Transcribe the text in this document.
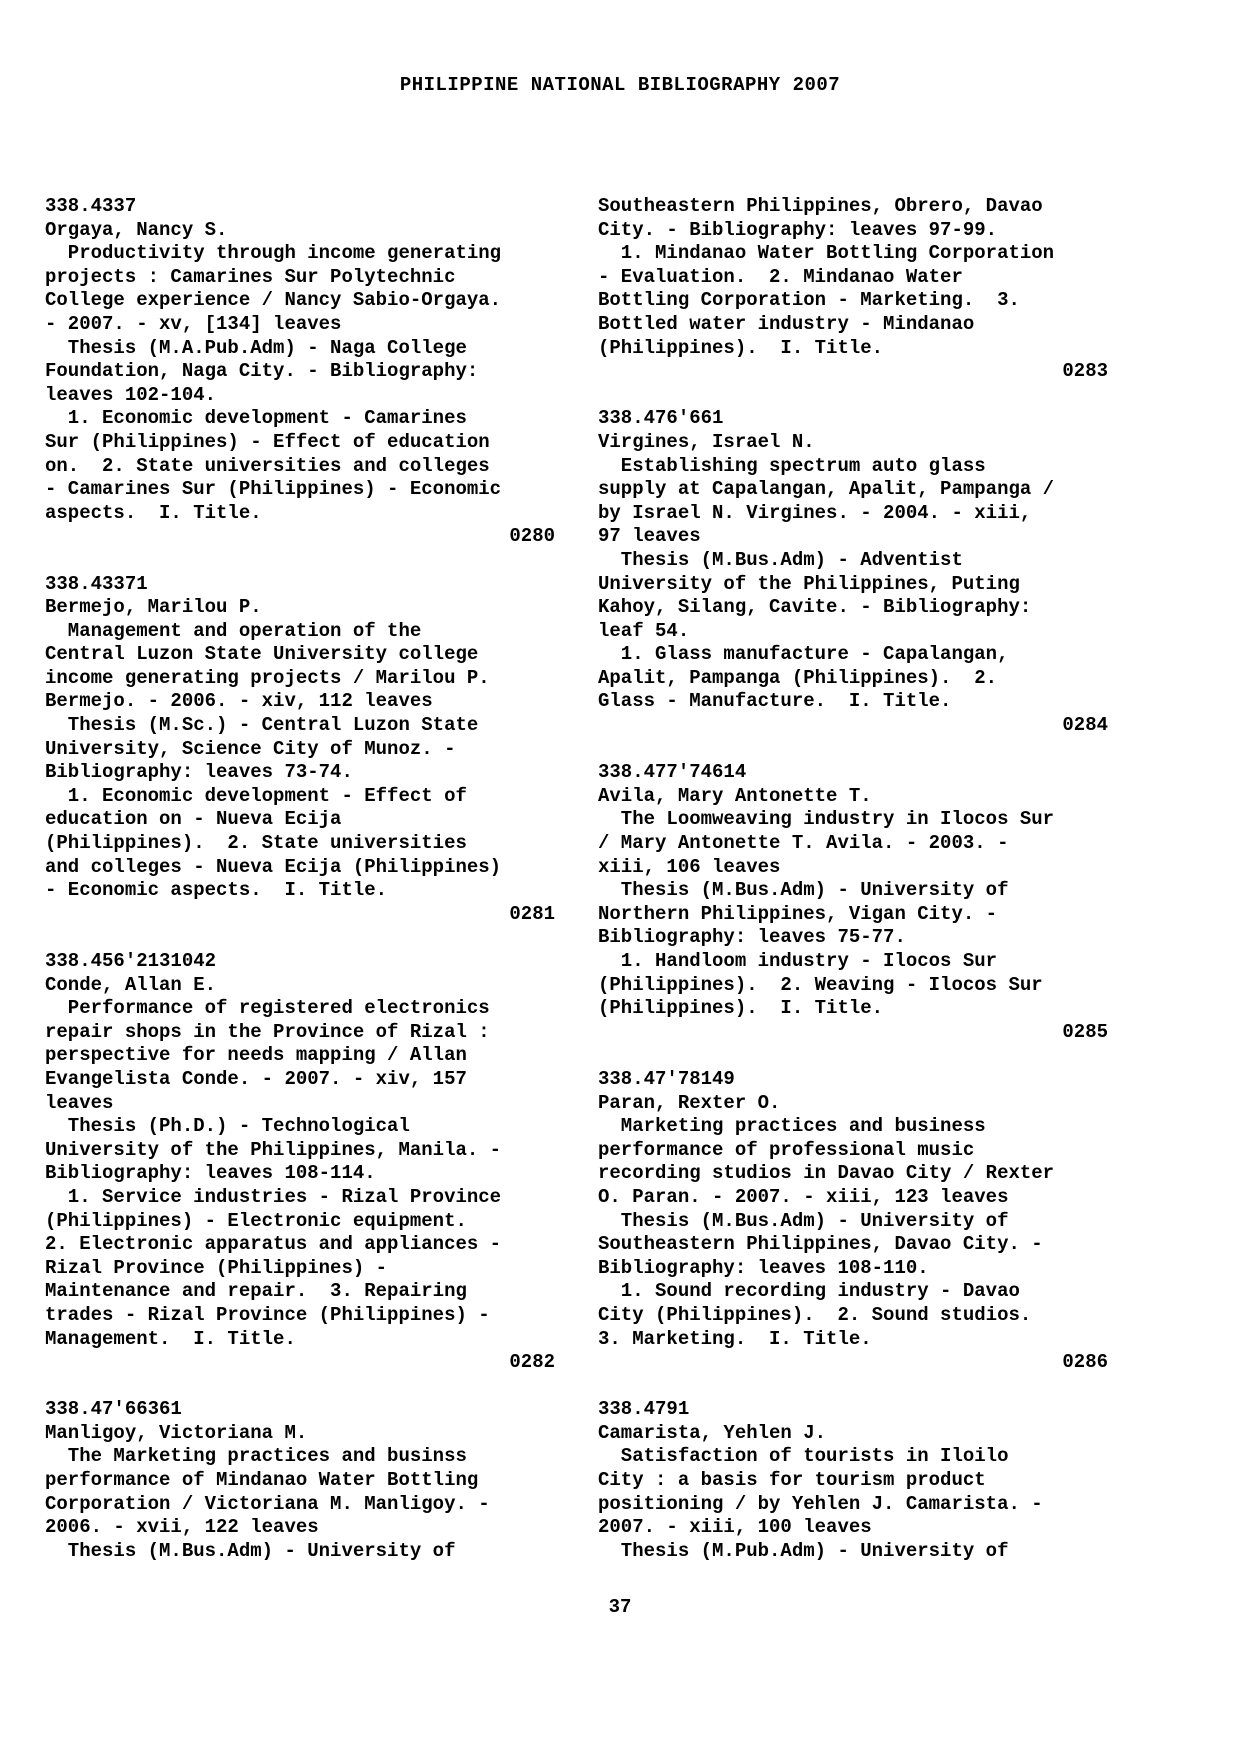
PHILIPPINE NATIONAL BIBLIOGRAPHY 2007
338.4337
Orgaya, Nancy S.
Productivity through income generating
projects : Camarines Sur Polytechnic
College experience / Nancy Sabio-Orgaya.
- 2007. - xv, [134] leaves
Thesis (M.A.Pub.Adm) - Naga College
Foundation, Naga City. - Bibliography:
leaves 102-104.
1. Economic development - Camarines
Sur (Philippines) - Effect of education
on.  2. State universities and colleges
- Camarines Sur (Philippines) - Economic
aspects.  I. Title.
0280
338.43371
Bermejo, Marilou P.
Management and operation of the
Central Luzon State University college
income generating projects / Marilou P.
Bermejo. - 2006. - xiv, 112 leaves
Thesis (M.Sc.) - Central Luzon State
University, Science City of Munoz. -
Bibliography: leaves 73-74.
1. Economic development - Effect of
education on - Nueva Ecija
(Philippines).  2. State universities
and colleges - Nueva Ecija (Philippines)
- Economic aspects.  I. Title.
0281
338.456'2131042
Conde, Allan E.
Performance of registered electronics
repair shops in the Province of Rizal :
perspective for needs mapping / Allan
Evangelista Conde. - 2007. - xiv, 157
leaves
Thesis (Ph.D.) - Technological
University of the Philippines, Manila. -
Bibliography: leaves 108-114.
1. Service industries - Rizal Province
(Philippines) - Electronic equipment.
2. Electronic apparatus and appliances -
Rizal Province (Philippines) -
Maintenance and repair.  3. Repairing
trades - Rizal Province (Philippines) -
Management.  I. Title.
0282
338.47'66361
Manligoy, Victoriana M.
The Marketing practices and businss
performance of Mindanao Water Bottling
Corporation / Victoriana M. Manligoy. -
2006. - xvii, 122 leaves
Thesis (M.Bus.Adm) - University of
Southeastern Philippines, Obrero, Davao
City. - Bibliography: leaves 97-99.
1. Mindanao Water Bottling Corporation
- Evaluation.  2. Mindanao Water
Bottling Corporation - Marketing.  3.
Bottled water industry - Mindanao
(Philippines).  I. Title.
0283
338.476'661
Virgines, Israel N.
Establishing spectrum auto glass
supply at Capalangan, Apalit, Pampanga /
by Israel N. Virgines. - 2004. - xiii,
97 leaves
Thesis (M.Bus.Adm) - Adventist
University of the Philippines, Puting
Kahoy, Silang, Cavite. - Bibliography:
leaf 54.
1. Glass manufacture - Capalangan,
Apalit, Pampanga (Philippines).  2.
Glass - Manufacture.  I. Title.
0284
338.477'74614
Avila, Mary Antonette T.
The Loomweaving industry in Ilocos Sur
/ Mary Antonette T. Avila. - 2003. -
xiii, 106 leaves
Thesis (M.Bus.Adm) - University of
Northern Philippines, Vigan City. -
Bibliography: leaves 75-77.
1. Handloom industry - Ilocos Sur
(Philippines).  2. Weaving - Ilocos Sur
(Philippines).  I. Title.
0285
338.47'78149
Paran, Rexter O.
Marketing practices and business
performance of professional music
recording studios in Davao City / Rexter
O. Paran. - 2007. - xiii, 123 leaves
Thesis (M.Bus.Adm) - University of
Southeastern Philippines, Davao City. -
Bibliography: leaves 108-110.
1. Sound recording industry - Davao
City (Philippines).  2. Sound studios.
3. Marketing.  I. Title.
0286
338.4791
Camarista, Yehlen J.
Satisfaction of tourists in Iloilo
City : a basis for tourism product
positioning / by Yehlen J. Camarista. -
2007. - xiii, 100 leaves
Thesis (M.Pub.Adm) - University of
37
